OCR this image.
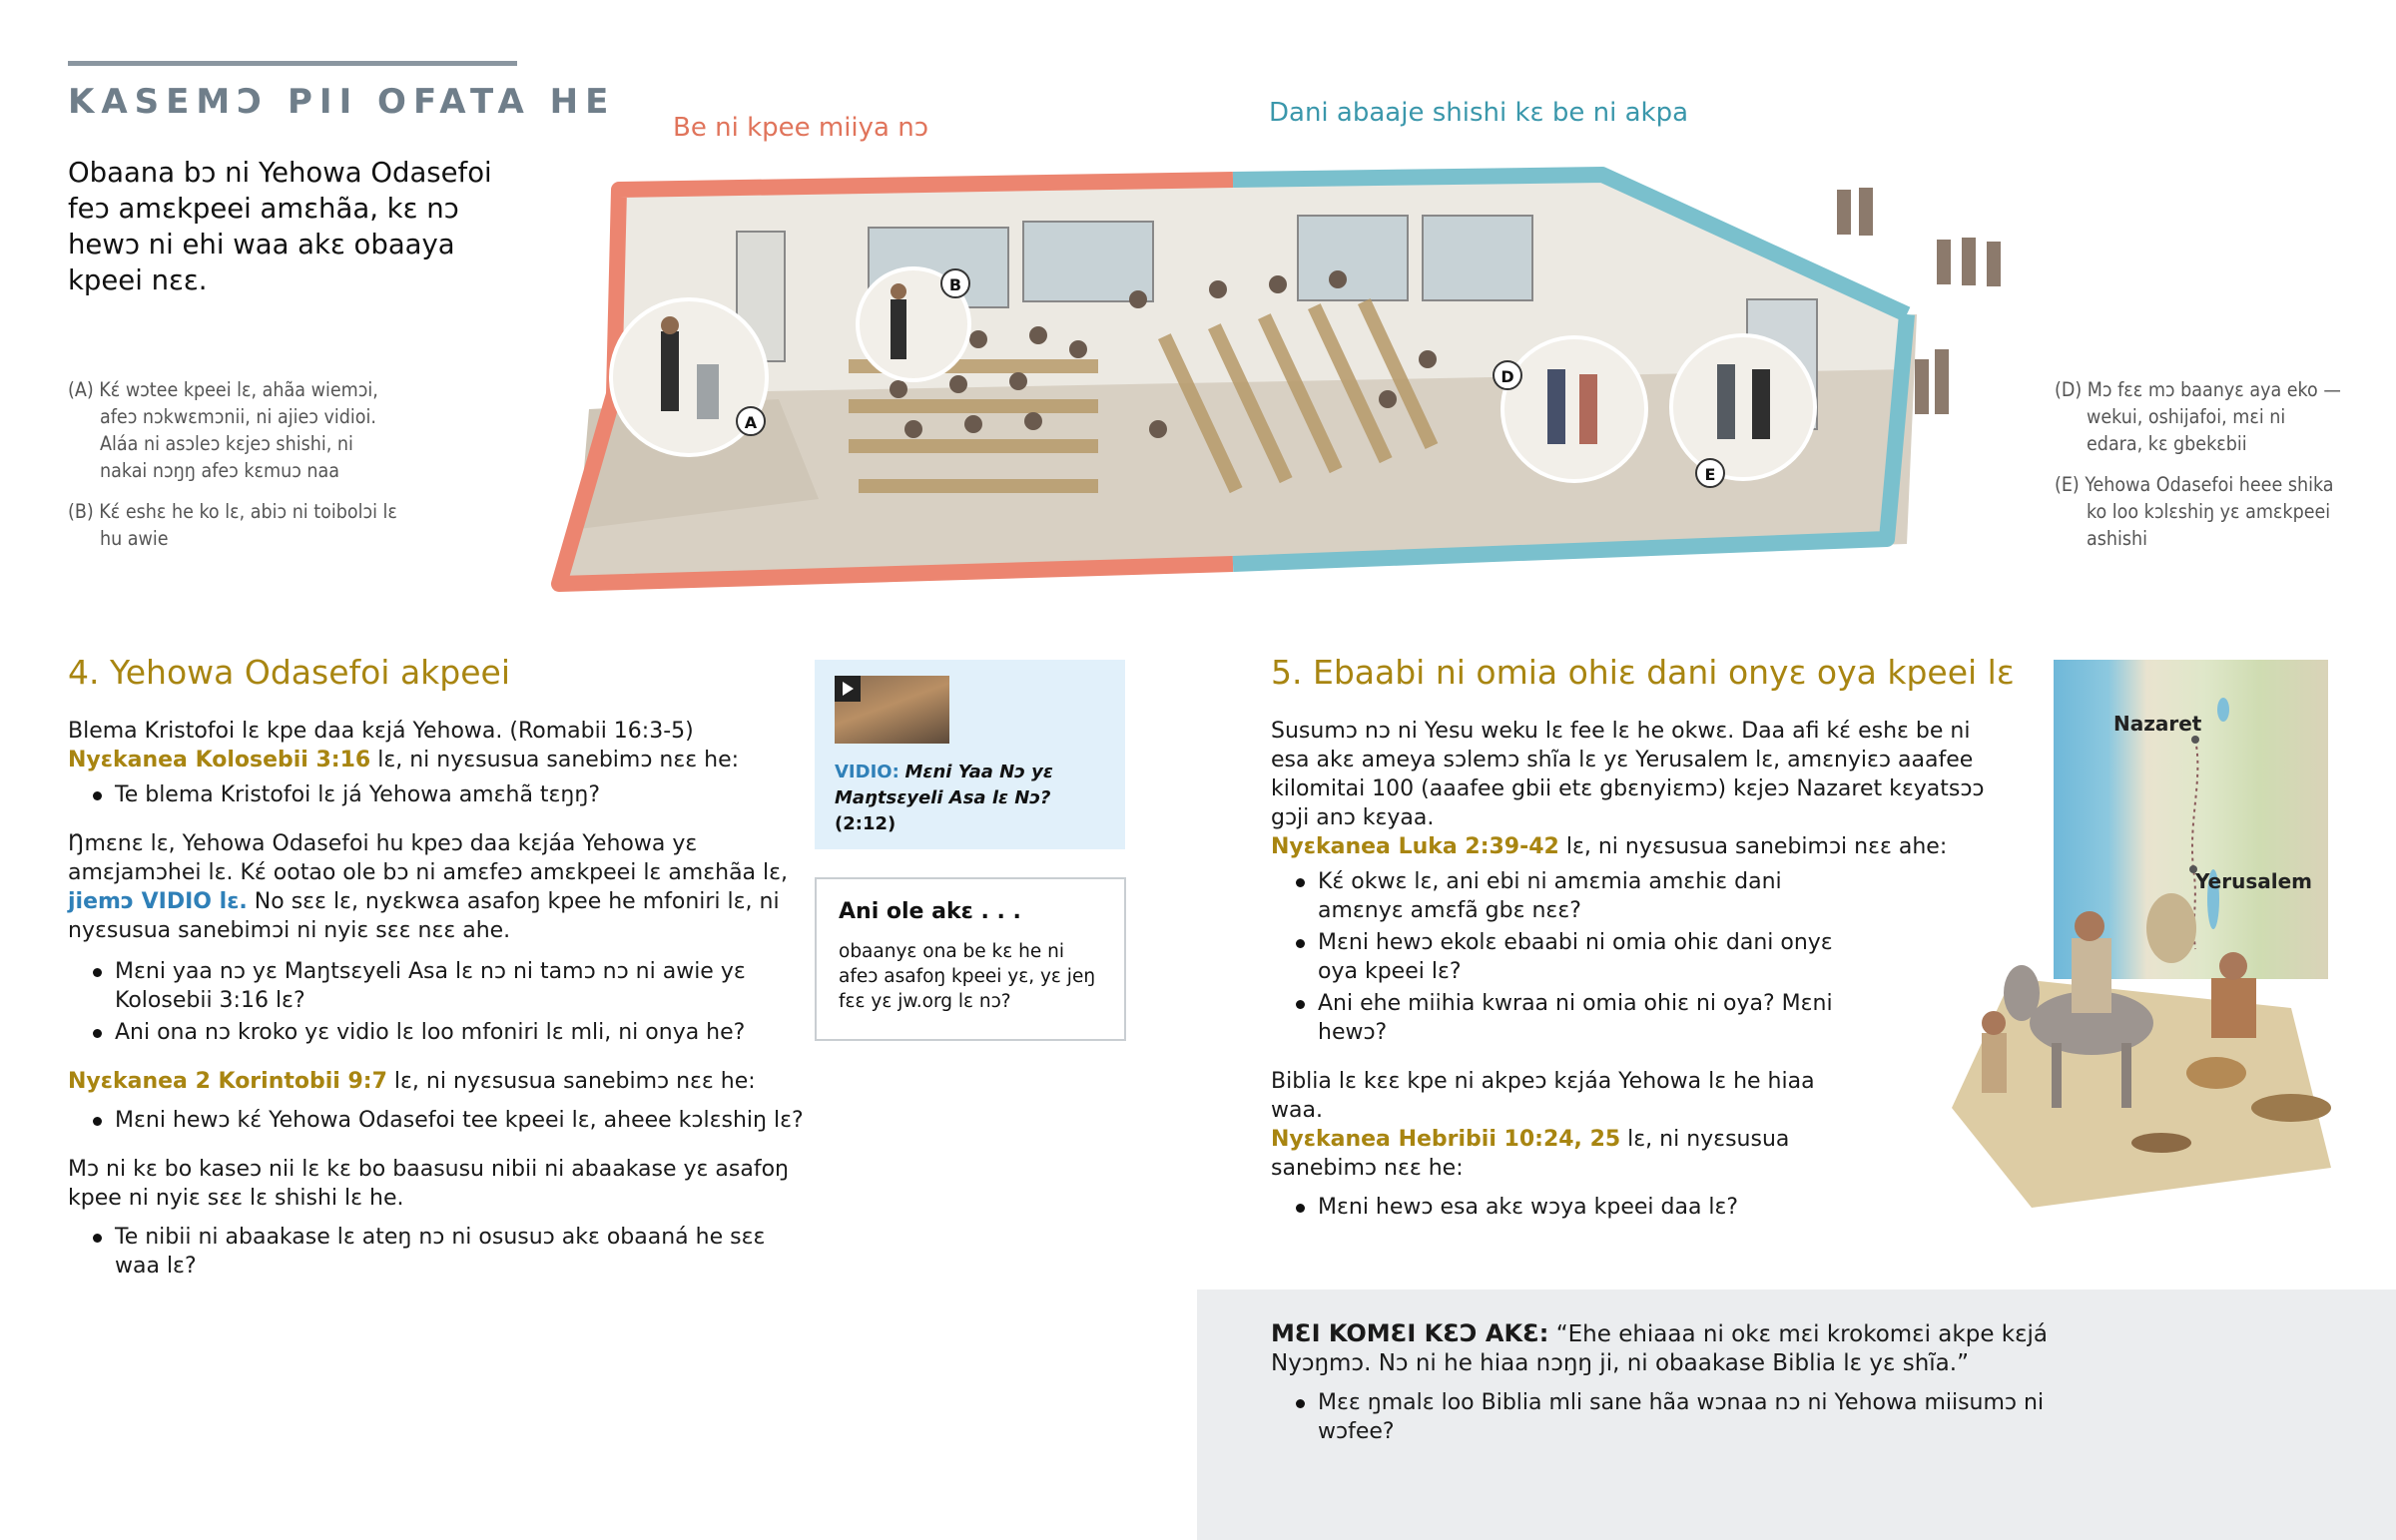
KASEMƆ PII OFATA HE
Obaana bɔ ni Yehowa Odasefoi feɔ amɛkpeei amɛhãa, kɛ nɔ hewɔ ni ehi waa akɛ obaaya kpeei nɛɛ.
Be ni kpee miiya nɔ	Dani abaaje shishi kɛ be ni akpa
A
B
D
E
(A) Kɛ́ wɔtee kpeei lɛ, ahãa wiemɔi, afeɔ nɔkwɛmɔnii, ni ajieɔ vidioi. Aláa ni asɔleɔ kɛjeɔ shishi, ni nakai nɔŋŋ afeɔ kɛmuɔ naa
(B) Kɛ́ eshɛ he ko lɛ, abiɔ ni toibolɔi lɛ hu awie
(D) Mɔ fɛɛ mɔ baanyɛ aya eko —wekui, oshijafoi, mɛi ni edara, kɛ gbekɛbii
(E) Yehowa Odasefoi heee shika ko loo kɔlɛshiŋ yɛ amɛkpeei ashishi
4. Yehowa Odasefoi akpeei

Blema Kristofoi lɛ kpe daa kɛjá Yehowa. (Romabii 16:3-5)
Nyɛkanea Kolosebii 3:16 lɛ, ni nyɛsusua sanebimɔ nɛɛ he:

Te blema Kristofoi lɛ já Yehowa amɛhã tɛŋŋ?

Ŋmɛnɛ lɛ, Yehowa Odasefoi hu kpeɔ daa kɛjáa Yehowa yɛ amɛjamɔhei lɛ. Kɛ́ ootao ole bɔ ni amɛfeɔ amɛkpeei lɛ amɛhãa lɛ, jiemɔ VIDIO lɛ. No sɛɛ lɛ, nyɛkwɛa asafoŋ kpee he mfoniri lɛ, ni nyɛsusua sanebimɔi ni nyiɛ sɛɛ nɛɛ ahe.

Mɛni yaa nɔ yɛ Maŋtsɛyeli Asa lɛ nɔ ni tamɔ nɔ ni awie yɛ Kolosebii 3:16 lɛ?
Ani ona nɔ kroko yɛ vidio lɛ loo mfoniri lɛ mli, ni onya he?

Nyɛkanea 2 Korintobii 9:7 lɛ, ni nyɛsusua sanebimɔ nɛɛ he:

Mɛni hewɔ kɛ́ Yehowa Odasefoi tee kpeei lɛ, aheee kɔlɛshiŋ lɛ?

Mɔ ni kɛ bo kaseɔ nii lɛ kɛ bo baasusu nibii ni abaakase yɛ asafoŋ kpee ni nyiɛ sɛɛ lɛ shishi lɛ he.

Te nibii ni abaakase lɛ ateŋ nɔ ni osusuɔ akɛ obaaná he sɛɛ waa lɛ?
VIDIO: Mɛni Yaa Nɔ yɛ Maŋtsɛyeli Asa lɛ Nɔ? (2:12)
Ani ole akɛ . . .
obaanyɛ ona be kɛ he ni afeɔ asafoŋ kpeei yɛ, yɛ jeŋ fɛɛ yɛ jw.org lɛ nɔ?
5. Ebaabi ni omia ohiɛ dani onyɛ oya kpeei lɛ

Susumɔ nɔ ni Yesu weku lɛ fee lɛ he okwɛ. Daa afi kɛ́ eshɛ be ni esa akɛ ameya sɔlemɔ shĩa lɛ yɛ Yerusalem lɛ, amɛnyiɛɔ aaafee kilomitai 100 (aaafee gbii etɛ gbɛnyiɛmɔ) kɛjeɔ Nazaret kɛyatsɔɔ gɔji anɔ kɛyaa.
Nyɛkanea Luka 2:39-42 lɛ, ni nyɛsusua sanebimɔi nɛɛ ahe:

Kɛ́ okwɛ lɛ, ani ebi ni amɛmia amɛhiɛ dani amɛnyɛ amɛfã gbɛ nɛɛ?
Mɛni hewɔ ekolɛ ebaabi ni omia ohiɛ dani onyɛ oya kpeei lɛ?
Ani ehe miihia kwraa ni omia ohiɛ ni oya? Mɛni hewɔ?

Biblia lɛ kɛɛ kpe ni akpeɔ kɛjáa Yehowa lɛ he hiaa waa.
Nyɛkanea Hebribii 10:24, 25 lɛ, ni nyɛsusua sanebimɔ nɛɛ he:

Mɛni hewɔ esa akɛ wɔya kpeei daa lɛ?
Nazaret
Yerusalem

MƐI KOMƐI KƐƆ AKƐ: “Ehe ehiaaa ni okɛ mɛi krokomɛi akpe kɛjá Nyɔŋmɔ. Nɔ ni he hiaa nɔŋŋ ji, ni obaakase Biblia lɛ yɛ shĩa.”

Mɛɛ ŋmalɛ loo Biblia mli sane hãa wɔnaa nɔ ni Yehowa miisumɔ ni wɔfee?
